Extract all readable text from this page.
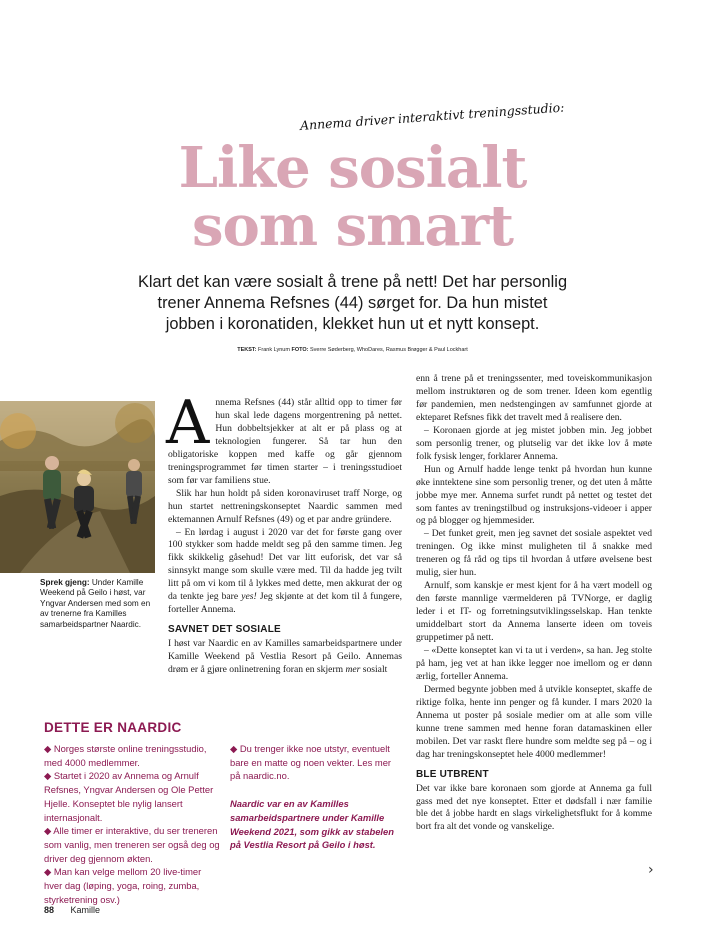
Annema driver interaktivt treningsstudio:
Like sosialt
som smart
Klart det kan være sosialt å trene på nett! Det har personlig
trener Annema Refsnes (44) sørget for. Da hun mistet
jobben i koronatiden, klekket hun ut et nytt konsept.
TEKST: Frank Lynum FOTO: Sverre Søderberg, WhoDares, Rasmus Brøgger & Paul Lockhart
Sprek gjeng: Under Kamille Weekend på Geilo i høst, var Yngvar Andersen med som en av trenerne fra Kamilles samarbeidspartner Naardic.

Annema Refsnes (44) står alltid opp to timer før hun skal lede dagens morgentrening på nettet. Hun dobbeltsjekker at alt er på plass og at teknologien fungerer. Så tar hun den obligatoriske koppen med kaffe og går gjennom treningsprogrammet før timen starter – i treningsstudioet som før var familiens stue.

Slik har hun holdt på siden koronaviruset traff Norge, og hun startet nettreningskonseptet Naardic sammen med ektemannen Arnulf Refsnes (49) og et par andre gründere.

– En lørdag i august i 2020 var det for første gang over 100 stykker som hadde meldt seg på den samme timen. Jeg fikk skikkelig gåsehud! Det var litt euforisk, det var så sinnsykt mange som skulle være med. Til da hadde jeg tvilt litt på om vi kom til å lykkes med dette, men akkurat der og da tenkte jeg bare yes! Jeg skjønte at det kom til å fungere, forteller Annema.

SAVNET DET SOSIALE

I høst var Naardic en av Kamilles samarbeidspartnere under Kamille Weekend på Vestlia Resort på Geilo. Annemas drøm er å gjøre onlinetrening foran en skjerm mer sosialt

enn å trene på et treningssenter, med toveiskommunikasjon mellom instruktøren og de som trener. Ideen kom egentlig før pandemien, men nedstengingen av samfunnet gjorde at ekteparet Refsnes fikk det travelt med å realisere den.

– Koronaen gjorde at jeg mistet jobben min. Jeg jobbet som personlig trener, og plutselig var det ikke lov å møte folk fysisk lenger, forklarer Annema.

Hun og Arnulf hadde lenge tenkt på hvordan hun kunne øke inntektene sine som personlig trener, og det uten å måtte jobbe mye mer. Annema surfet rundt på nettet og testet det som fantes av treningstilbud og instruksjons-videoer i apper og på blogger og hjemmesider.

– Det funket greit, men jeg savnet det sosiale aspektet ved treningen. Og ikke minst muligheten til å snakke med treneren og få råd og tips til hvordan å utføre øvelsene best mulig, sier hun.

Arnulf, som kanskje er mest kjent for å ha vært modell og den første mannlige værmelderen på TVNorge, er daglig leder i et IT- og forretningsutviklingsselskap. Han tenkte umiddelbart stort da Annema lanserte ideen om toveis gruppetimer på nett.

– «Dette konseptet kan vi ta ut i verden», sa han. Jeg stolte på ham, jeg vet at han ikke legger noe imellom og er dønn ærlig, forteller Annema.

Dermed begynte jobben med å utvikle konseptet, skaffe de riktige folka, hente inn penger og få kunder. I mars 2020 la Annema ut poster på sosiale medier om at alle som ville kunne trene sammen med henne foran datamaskinen eller mobilen. Det var raskt flere hundre som meldte seg på – og i dag har treningskonseptet hele 4000 medlemmer!

BLE UTBRENT

Det var ikke bare koronaen som gjorde at Annema ga full gass med det nye konseptet. Etter et dødsfall i nær familie ble det å jobbe hardt en slags virkelighetsflukt for å komme bort fra alt det vonde og vanskelige.

DETTE ER NAARDIC

◆ Norges største online treningsstudio, med 4000 medlemmer.

◆ Startet i 2020 av Annema og Arnulf Refsnes, Yngvar Andersen og Ole Petter Hjelle. Konseptet ble nylig lansert internasjonalt.

◆ Alle timer er interaktive, du ser treneren som vanlig, men treneren ser også deg og driver deg gjennom økten.

◆ Man kan velge mellom 20 live-timer hver dag (løping, yoga, roing, zumba, styrketrening osv.)

◆ Du trenger ikke noe utstyr, eventuelt bare en matte og noen vekter. Les mer på naardic.no.

Naardic var en av Kamilles samarbeidspartnere under Kamille Weekend 2021, som gikk av stabelen på Vestlia Resort på Geilo i høst.

›
88 Kamille
